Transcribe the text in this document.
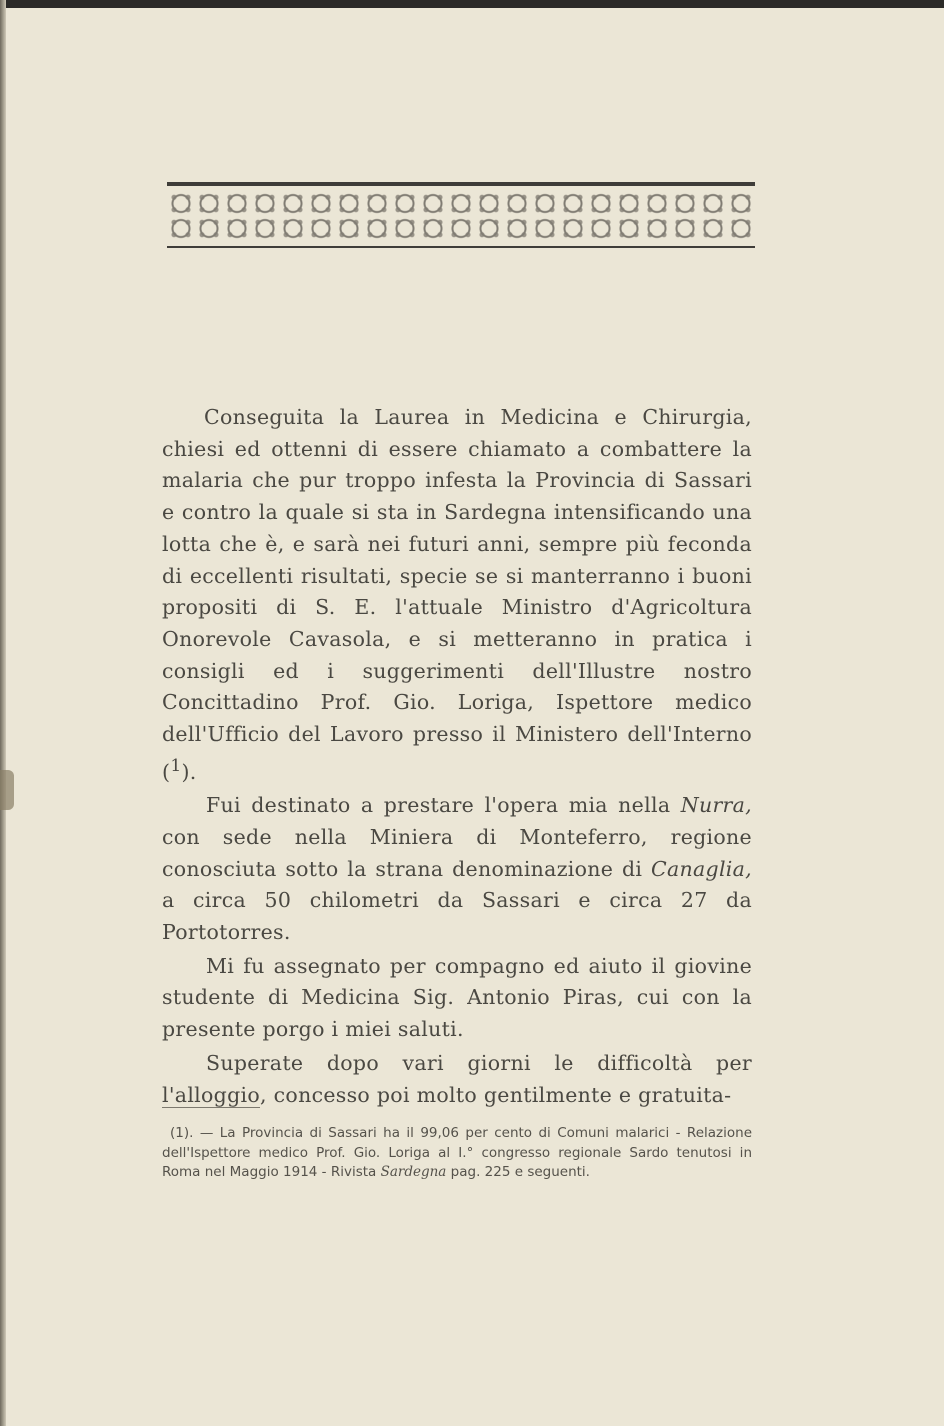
Conseguita la Laurea in Medicina e Chirurgia, chiesi ed ottenni di essere chiamato a combattere la malaria che pur troppo infesta la Provincia di Sassari e contro la quale si sta in Sardegna intensificando una lotta che è, e sarà nei futuri anni, sempre più feconda di eccellenti risultati, specie se si manterranno i buoni propositi di S. E. l'attuale Ministro d'Agricoltura Onorevole Cavasola, e si metteranno in pratica i consigli ed i suggerimenti dell'Illustre nostro Concittadino Prof. Gio. Loriga, Ispettore medico dell'Ufficio del Lavoro presso il Ministero dell'Interno ($^1$).

Fui destinato a prestare l'opera mia nella Nurra, con sede nella Miniera di Monteferro, regione conosciuta sotto la strana denominazione di Canaglia, a circa 50 chilometri da Sassari e circa 27 da Portotorres.

Mi fu assegnato per compagno ed aiuto il giovine studente di Medicina Sig. Antonio Piras, cui con la presente porgo i miei saluti.

Superate dopo vari giorni le difficoltà per l'alloggio, concesso poi molto gentilmente e gratuita-

(1). — La Provincia di Sassari ha il 99,06 per cento di Comuni malarici - Relazione dell'Ispettore medico Prof. Gio. Loriga al I.° congresso regionale Sardo tenutosi in Roma nel Maggio 1914 - Rivista Sardegna pag. 225 e seguenti.
